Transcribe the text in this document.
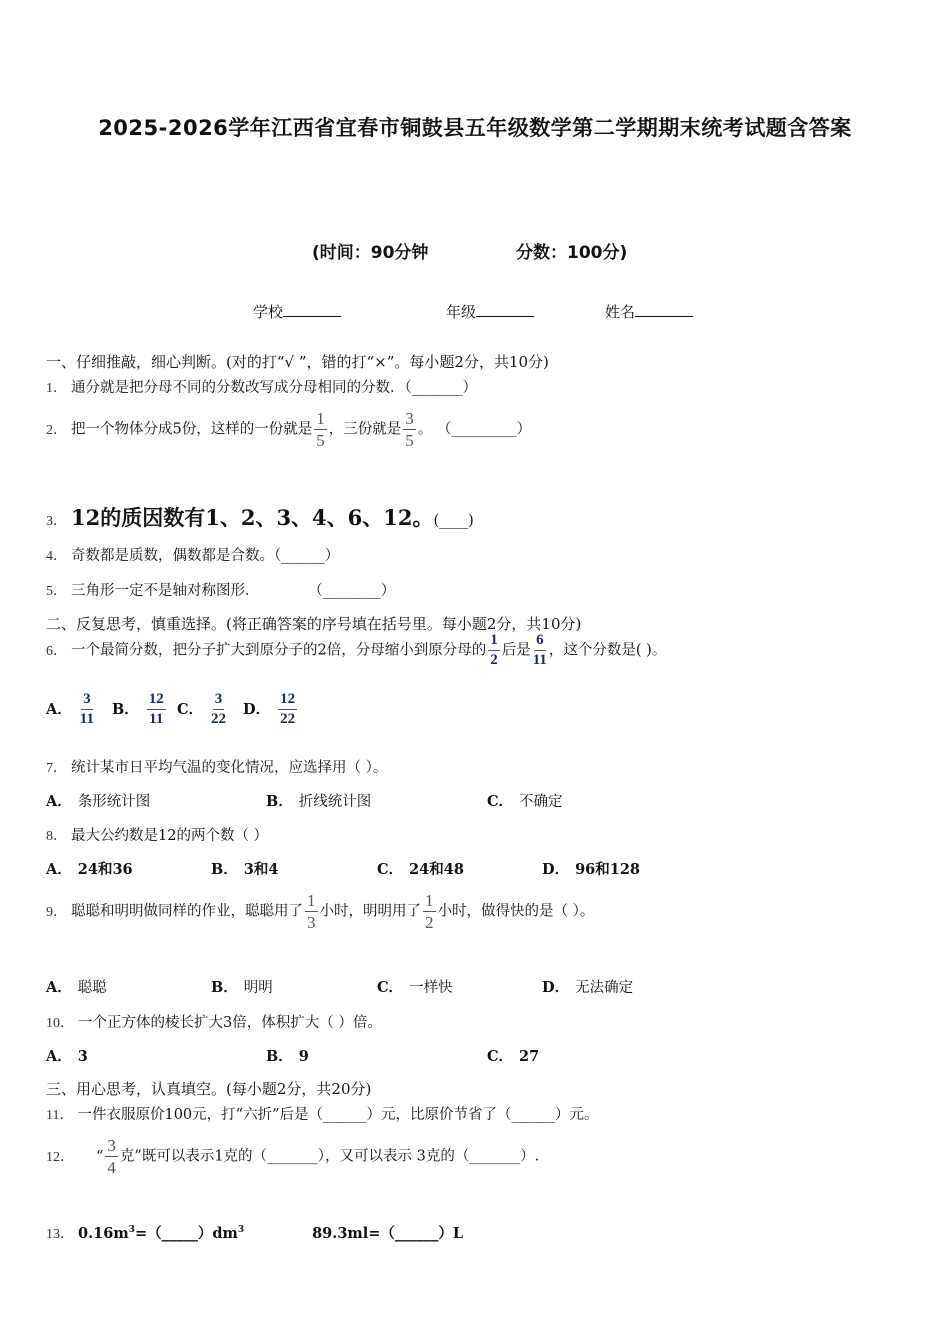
2025-2026学年江西省宜春市铜鼓县五年级数学第二学期期末统考试题含答案
(时间：90分钟	分数：100分)
学校	年级	姓名
一、仔细推敲，细心判断。(对的打“√ ”，错的打“×”。每小题2分，共10分)
1． 通分就是把分母不同的分数改写成分母相同的分数．（_______）
2． 把一个物体分成5份，这样的一份就是 $\frac{1}{5}$ ，三份就是 $\frac{3}{5}$ 。 （_________）
3． 12的质因数有1、2、3、4、6、12。(____)
4． 奇数都是质数，偶数都是合数。（______）
5． 三角形一定不是轴对称图形．	（________）
二、反复思考，慎重选择。(将正确答案的序号填在括号里。每小题2分，共10分)
6． 一个最简分数，把分子扩大到原分子的2倍，分母缩小到原分母的 $\frac{1}{2}$ 后是 $\frac{6}{11}$ ，这个分数是( )。
A． $\frac{3}{11}$ B． $\frac{12}{11}$ C． $\frac{3}{22}$ D． $\frac{12}{22}$
7． 统计某市日平均气温的变化情况，应选择用（ ）。
A． 条形统计图	B． 折线统计图	C． 不确定
8． 最大公约数是12的两个数（ ）
A． 24和36	B． 3和4	C． 24和48	D． 96和128
9． 聪聪和明明做同样的作业，聪聪用了 $\frac{1}{3}$ 小时，明明用了 $\frac{1}{2}$ 小时，做得快的是（ ）。
A． 聪聪	B． 明明	C． 一样快	D． 无法确定
10． 一个正方体的棱长扩大3倍，体积扩大（ ）倍。
A． 3	B． 9	C． 27
三、用心思考，认真填空。(每小题2分，共20分)
11． 一件衣服原价100元，打“六折”后是（______）元，比原价节省了（______）元。
12． “ $\frac{3}{4}$ 克”既可以表示1克的（_______），又可以表示 3克的（_______）.
13． $0.16m^3=(\_\_\_\_\_)dm^3$	89.3ml=（______）L
